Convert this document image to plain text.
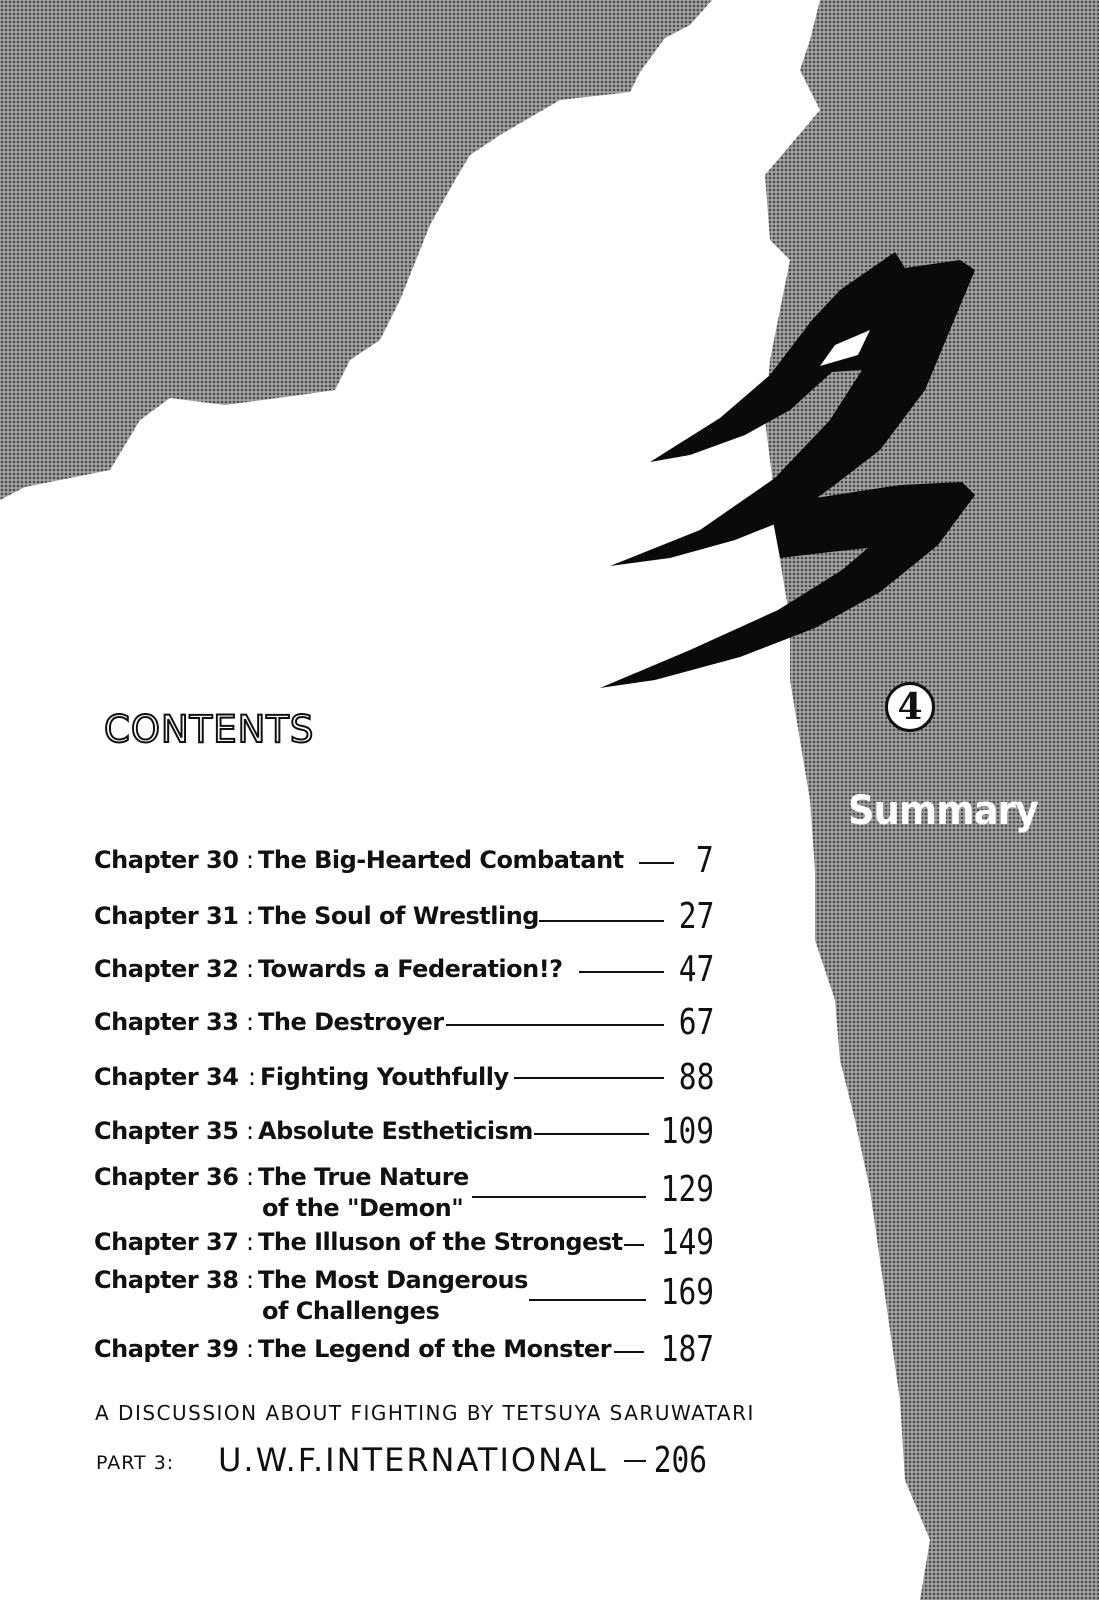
4
Summary
CONTENTS
Chapter 30 : The Big-Hearted Combatant 7
Chapter 31 : The Soul of Wrestling	27
Chapter 32 : Towards a Federation!?	47
Chapter 33 : The Destroyer	67
Chapter 34 : Fighting Youthfully	88
Chapter 35 : Absolute Estheticism	109
Chapter 36 : The True Nature
of the "Demon"	129
Chapter 37 : The Illuson of the Strongest 149
Chapter 38 : The Most Dangerous
of Challenges	169
Chapter 39 : The Legend of the Monster 187
A DISCUSSION ABOUT FIGHTING BY TETSUYA SARUWATARI
PART 3: U.W.F.INTERNATIONAL 206
